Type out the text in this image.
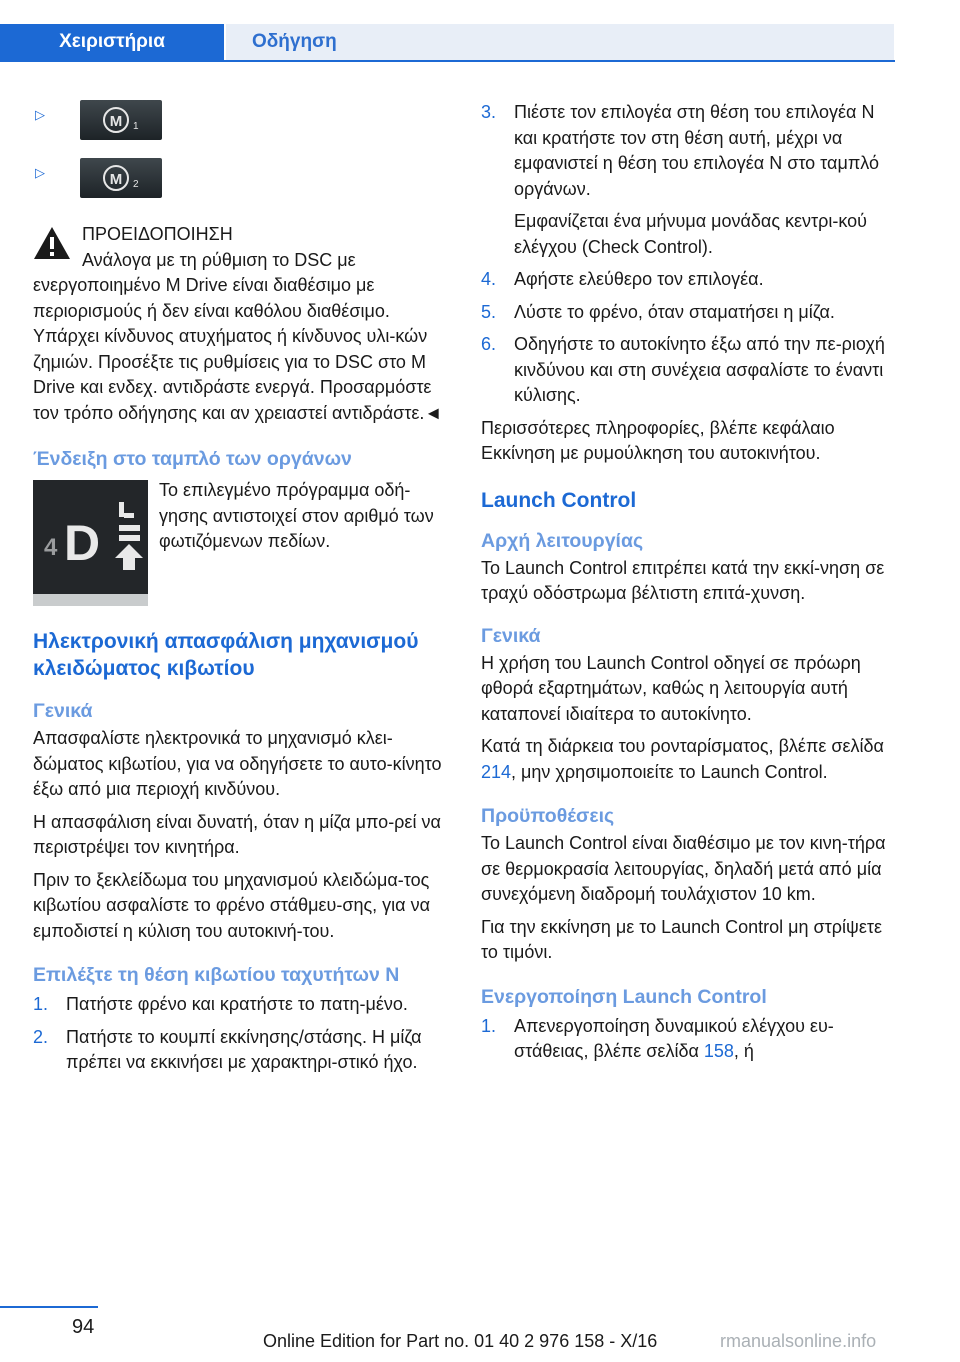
Χειριστήρια	Οδήγηση
▷	M 1
▷	M 2
ΠΡΟΕΙΔΟΠΟΙΗΣΗ
Ανάλογα με τη ρύθμιση το DSC με
ενεργοποιημένο M Drive είναι διαθέσιμο με περιορισμούς ή δεν είναι καθόλου διαθέσιμο. Υπάρχει κίνδυνος ατυχήματος ή κίνδυνος υλι-κών ζημιών. Προσέξτε τις ρυθμίσεις για το DSC στο M Drive και ενδεχ. αντιδράστε ενεργά. Προσαρμόστε τον τρόπο οδήγησης και αν χρειαστεί αντιδράστε.◄
Ένδειξη στο ταμπλό των οργάνων
4 D
Το επιλεγμένο πρόγραμμα οδή-γησης αντιστοιχεί στον αριθμό των φωτιζόμενων πεδίων.
Ηλεκτρονική απασφάλιση μηχανισμού κλειδώματος κιβωτίου
Γενικά
Απασφαλίστε ηλεκτρονικά το μηχανισμό κλει-δώματος κιβωτίου, για να οδηγήσετε το αυτο-κίνητο έξω από μια περιοχή κινδύνου.
Η απασφάλιση είναι δυνατή, όταν η μίζα μπο-ρεί να περιστρέψει τον κινητήρα.
Πριν το ξεκλείδωμα του μηχανισμού κλειδώμα-τος κιβωτίου ασφαλίστε το φρένο στάθμευ-σης, για να εμποδιστεί η κύλιση του αυτοκινή-του.
Επιλέξτε τη θέση κιβωτίου ταχυτήτων N
1. Πατήστε φρένο και κρατήστε το πατη-μένο.
2. Πατήστε το κουμπί εκκίνησης/στάσης. Η μίζα πρέπει να εκκινήσει με χαρακτηρι-στικό ήχο.
3. Πιέστε τον επιλογέα στη θέση του επιλογέα N και κρατήστε τον στη θέση αυτή, μέχρι να εμφανιστεί η θέση του επιλογέα N στο ταμπλό οργάνων.
Εμφανίζεται ένα μήνυμα μονάδας κεντρι-κού ελέγχου (Check Control).
4. Αφήστε ελεύθερο τον επιλογέα.
5. Λύστε το φρένο, όταν σταματήσει η μίζα.
6. Οδηγήστε το αυτοκίνητο έξω από την πε-ριοχή κινδύνου και στη συνέχεια ασφαλίστε το έναντι κύλισης.
Περισσότερες πληροφορίες, βλέπε κεφάλαιο Εκκίνηση με ρυμούλκηση του αυτοκινήτου.
Launch Control
Αρχή λειτουργίας
Το Launch Control επιτρέπει κατά την εκκί-νηση σε τραχύ οδόστρωμα βέλτιστη επιτά-χυνση.
Γενικά
Η χρήση του Launch Control οδηγεί σε πρόωρη φθορά εξαρτημάτων, καθώς η λειτουργία αυτή καταπονεί ιδιαίτερα το αυτοκίνητο.
Κατά τη διάρκεια του ρονταρίσματος, βλέπε σελίδα 214, μην χρησιμοποιείτε το Launch Control.
Προϋποθέσεις
Το Launch Control είναι διαθέσιμο με τον κινη-τήρα σε θερμοκρασία λειτουργίας, δηλαδή μετά από μία συνεχόμενη διαδρομή τουλάχιστον 10 km.
Για την εκκίνηση με το Launch Control μη στρίψετε το τιμόνι.
Ενεργοποίηση Launch Control
1. Απενεργοποίηση δυναμικού ελέγχου ευ-στάθειας, βλέπε σελίδα 158, ή
94
Online Edition for Part no. 01 40 2 976 158 - X/16	rmanualsonline.info
